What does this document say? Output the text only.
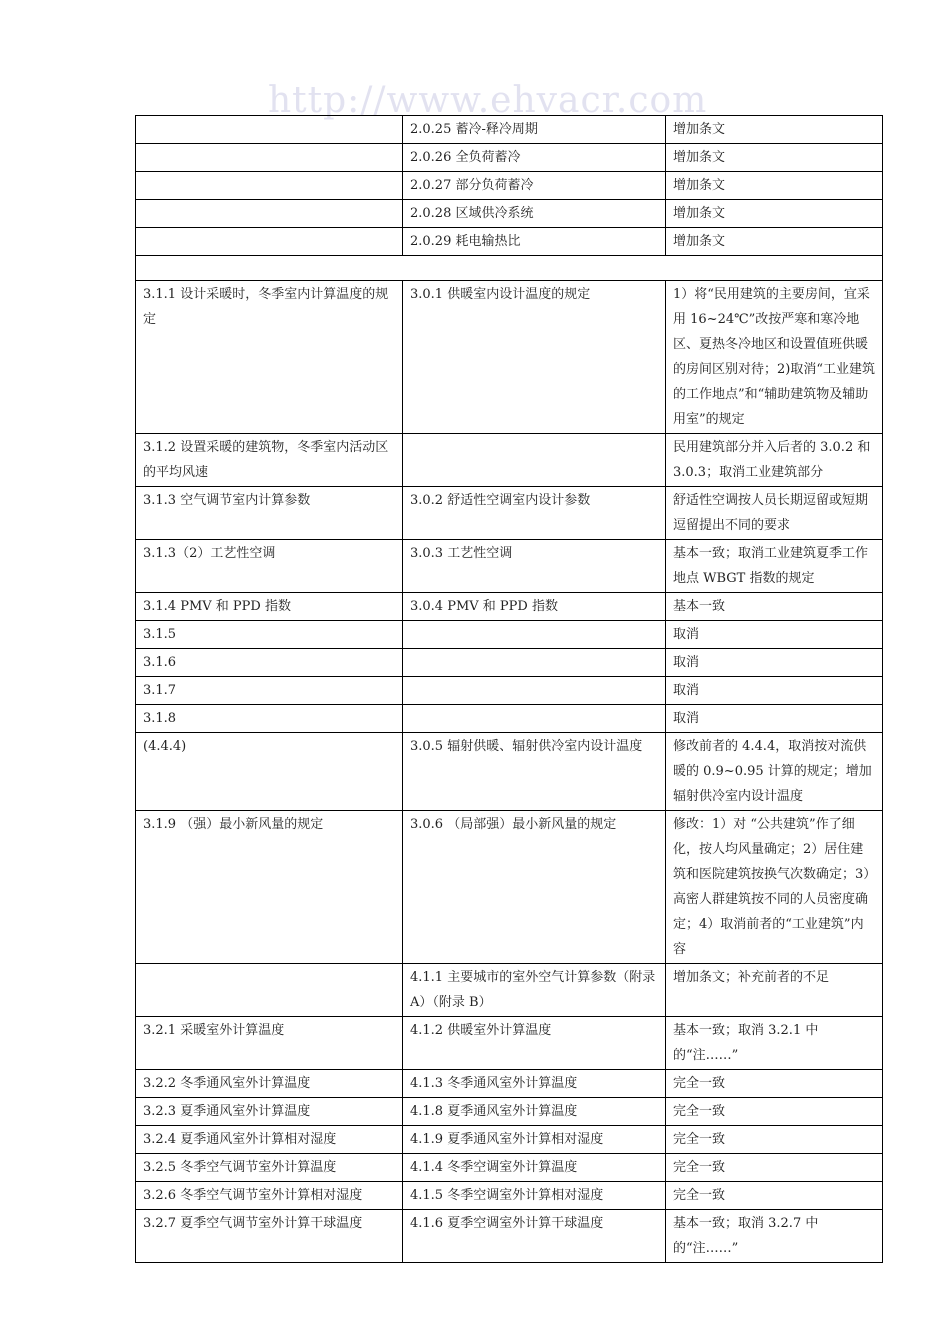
http://www.ehvacr.com
	2.0.25 蓄冷-释冷周期	增加条文
	2.0.26 全负荷蓄冷	增加条文
	2.0.27 部分负荷蓄冷	增加条文
	2.0.28 区域供冷系统	增加条文
	2.0.29 耗电输热比	增加条文

3.1.1 设计采暖时，冬季室内计算温度的规定	3.0.1 供暖室内设计温度的规定	1）将“民用建筑的主要房间，宜采用 16~24℃”改按严寒和寒冷地区、夏热冬冷地区和设置值班供暖的房间区别对待；2)取消“工业建筑的工作地点”和“辅助建筑物及辅助用室”的规定
3.1.2 设置采暖的建筑物，冬季室内活动区的平均风速		民用建筑部分并入后者的 3.0.2 和 3.0.3；取消工业建筑部分
3.1.3 空气调节室内计算参数	3.0.2 舒适性空调室内设计参数	舒适性空调按人员长期逗留或短期逗留提出不同的要求
3.1.3（2）工艺性空调	3.0.3 工艺性空调	基本一致；取消工业建筑夏季工作地点 WBGT 指数的规定
3.1.4 PMV 和 PPD 指数	3.0.4 PMV 和 PPD 指数	基本一致
3.1.5		取消
3.1.6		取消
3.1.7		取消
3.1.8		取消
(4.4.4)	3.0.5 辐射供暖、辐射供冷室内设计温度	修改前者的 4.4.4，取消按对流供暖的 0.9~0.95 计算的规定；增加辐射供冷室内设计温度
3.1.9 （强）最小新风量的规定	3.0.6 （局部强）最小新风量的规定	修改：1）对 “公共建筑”作了细化，按人均风量确定；2）居住建筑和医院建筑按换气次数确定；3）高密人群建筑按不同的人员密度确定；4）取消前者的“工业建筑”内容
	4.1.1 主要城市的室外空气计算参数（附录 A）（附录 B）	增加条文；补充前者的不足
3.2.1 采暖室外计算温度	4.1.2 供暖室外计算温度	基本一致；取消 3.2.1 中的“注……”
3.2.2 冬季通风室外计算温度	4.1.3 冬季通风室外计算温度	完全一致
3.2.3 夏季通风室外计算温度	4.1.8 夏季通风室外计算温度	完全一致
3.2.4 夏季通风室外计算相对湿度	4.1.9 夏季通风室外计算相对湿度	完全一致
3.2.5 冬季空气调节室外计算温度	4.1.4 冬季空调室外计算温度	完全一致
3.2.6 冬季空气调节室外计算相对湿度	4.1.5 冬季空调室外计算相对湿度	完全一致
3.2.7 夏季空气调节室外计算干球温度	4.1.6 夏季空调室外计算干球温度	基本一致；取消 3.2.7 中的“注……”
